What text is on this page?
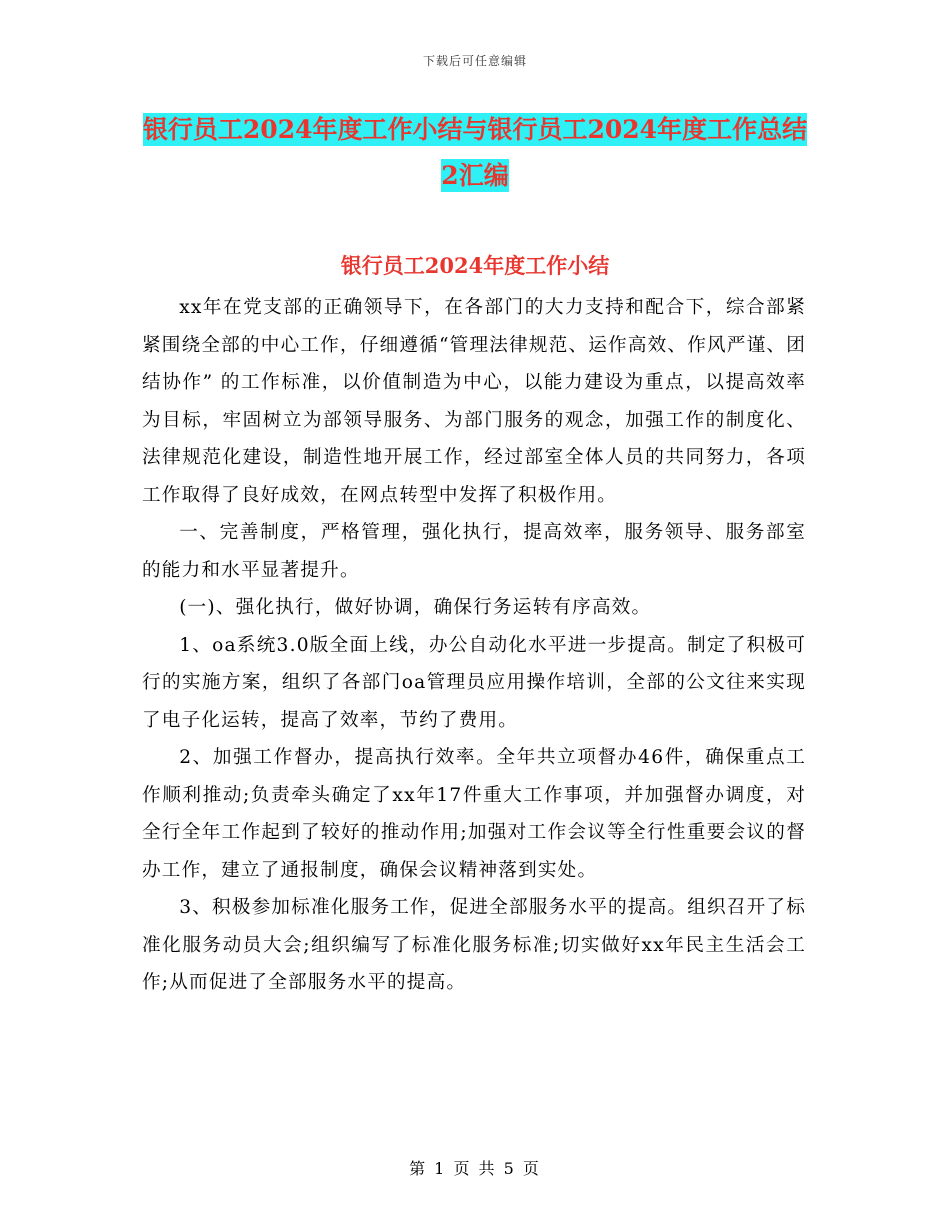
下载后可任意编辑
银行员工2024年度工作小结与银行员工2024年度工作总结2汇编
银行员工2024年度工作小结

xx年在党支部的正确领导下，在各部门的大力支持和配合下，综合部紧紧围绕全部的中心工作，仔细遵循“管理法律规范、运作高效、作风严谨、团结协作” 的工作标准，以价值制造为中心，以能力建设为重点，以提高效率为目标，牢固树立为部领导服务、为部门服务的观念，加强工作的制度化、法律规范化建设，制造性地开展工作，经过部室全体人员的共同努力，各项工作取得了良好成效，在网点转型中发挥了积极作用。

一、完善制度，严格管理，强化执行，提高效率，服务领导、服务部室的能力和水平显著提升。

(一)、强化执行，做好协调，确保行务运转有序高效。

1、oa系统3.0版全面上线，办公自动化水平进一步提高。制定了积极可行的实施方案，组织了各部门oa管理员应用操作培训，全部的公文往来实现了电子化运转，提高了效率，节约了费用。

2、加强工作督办，提高执行效率。全年共立项督办46件，确保重点工作顺利推动;负责牵头确定了xx年17件重大工作事项，并加强督办调度，对全行全年工作起到了较好的推动作用;加强对工作会议等全行性重要会议的督办工作，建立了通报制度，确保会议精神落到实处。

3、积极参加标准化服务工作，促进全部服务水平的提高。组织召开了标准化服务动员大会;组织编写了标准化服务标准;切实做好xx年民主生活会工作;从而促进了全部服务水平的提高。

第 1 页 共 5 页
